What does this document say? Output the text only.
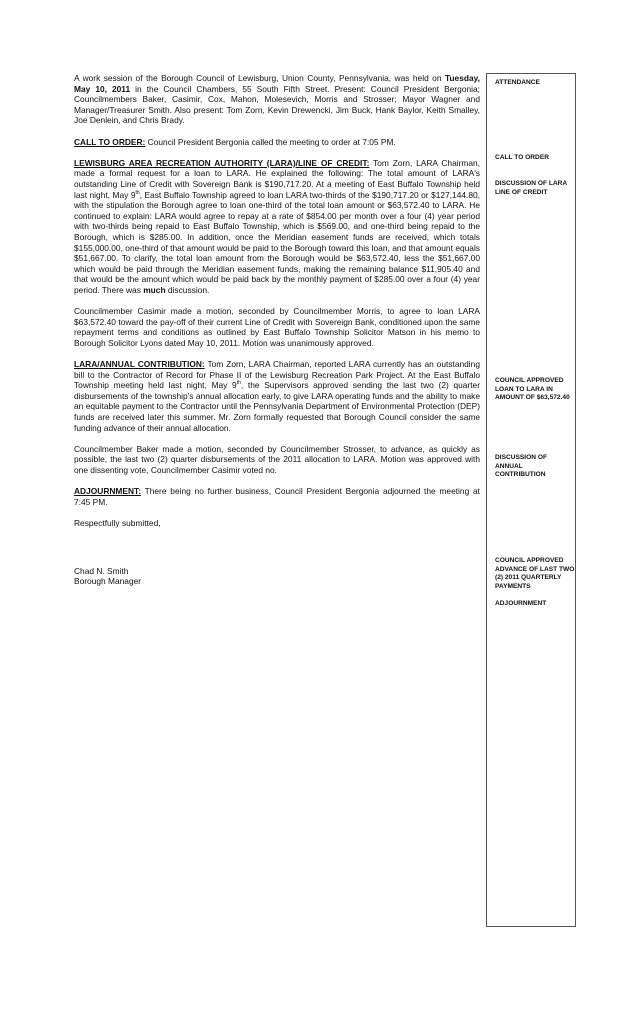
A work session of the Borough Council of Lewisburg, Union County, Pennsylvania, was held on Tuesday, May 10, 2011 in the Council Chambers, 55 South Fifth Street. Present: Council President Bergonia; Councilmembers Baker, Casimir, Cox, Mahon, Molesevich, Morris and Strosser; Mayor Wagner and Manager/Treasurer Smith. Also present: Tom Zorn, Kevin Drewencki, Jim Buck, Hank Baylor, Keith Smalley, Joe Denlein, and Chris Brady.

CALL TO ORDER: Council President Bergonia called the meeting to order at 7:05 PM.

LEWISBURG AREA RECREATION AUTHORITY (LARA)/LINE OF CREDIT: Tom Zorn, LARA Chairman, made a formal request for a loan to LARA. He explained the following: The total amount of LARA's outstanding Line of Credit with Sovereign Bank is $190,717.20. At a meeting of East Buffalo Township held last night, May 9th, East Buffalo Township agreed to loan LARA two-thirds of the $190,717.20 or $127,144.80, with the stipulation the Borough agree to loan one-third of the total loan amount or $63,572.40 to LARA. He continued to explain: LARA would agree to repay at a rate of $854.00 per month over a four (4) year period with two-thirds being repaid to East Buffalo Township, which is $569.00, and one-third being repaid to the Borough, which is $285.00. In addition, once the Meridian easement funds are received, which totals $155,000.00, one-third of that amount would be paid to the Borough toward this loan, and that amount equals $51,667.00. To clarify, the total loan amount from the Borough would be $63,572.40, less the $51,667.00 which would be paid through the Meridian easement funds, making the remaining balance $11,905.40 and that would be the amount which would be paid back by the monthly payment of $285.00 over a four (4) year period. There was much discussion.

Councilmember Casimir made a motion, seconded by Councilmember Morris, to agree to loan LARA $63,572.40 toward the pay-off of their current Line of Credit with Sovereign Bank, conditioned upon the same repayment terms and conditions as outlined by East Buffalo Township Solicitor Matson in his memo to Borough Solicitor Lyons dated May 10, 2011. Motion was unanimously approved.

LARA/ANNUAL CONTRIBUTION: Tom Zorn, LARA Chairman, reported LARA currently has an outstanding bill to the Contractor of Record for Phase II of the Lewisburg Recreation Park Project. At the East Buffalo Township meeting held last night, May 9th, the Supervisors approved sending the last two (2) quarter disbursements of the township's annual allocation early, to give LARA operating funds and the ability to make an equitable payment to the Contractor until the Pennsylvania Department of Environmental Protection (DEP) funds are received later this summer. Mr. Zorn formally requested that Borough Council consider the same funding advance of their annual allocation.

Councilmember Baker made a motion, seconded by Councilmember Strosser, to advance, as quickly as possible, the last two (2) quarter disbursements of the 2011 allocation to LARA. Motion was approved with one dissenting vote, Councilmember Casimir voted no.

ADJOURNMENT: There being no further business, Council President Bergonia adjourned the meeting at 7:45 PM.

Respectfully submitted,

Chad N. Smith
Borough Manager
ATTENDANCE
CALL TO ORDER
DISCUSSION OF LARA LINE OF CREDIT
COUNCIL APPROVED LOAN TO LARA IN AMOUNT OF $63,572.40
DISCUSSION OF ANNUAL CONTRIBUTION
COUNCIL APPROVED ADVANCE OF LAST TWO (2) 2011 QUARTERLY PAYMENTS
ADJOURNMENT
